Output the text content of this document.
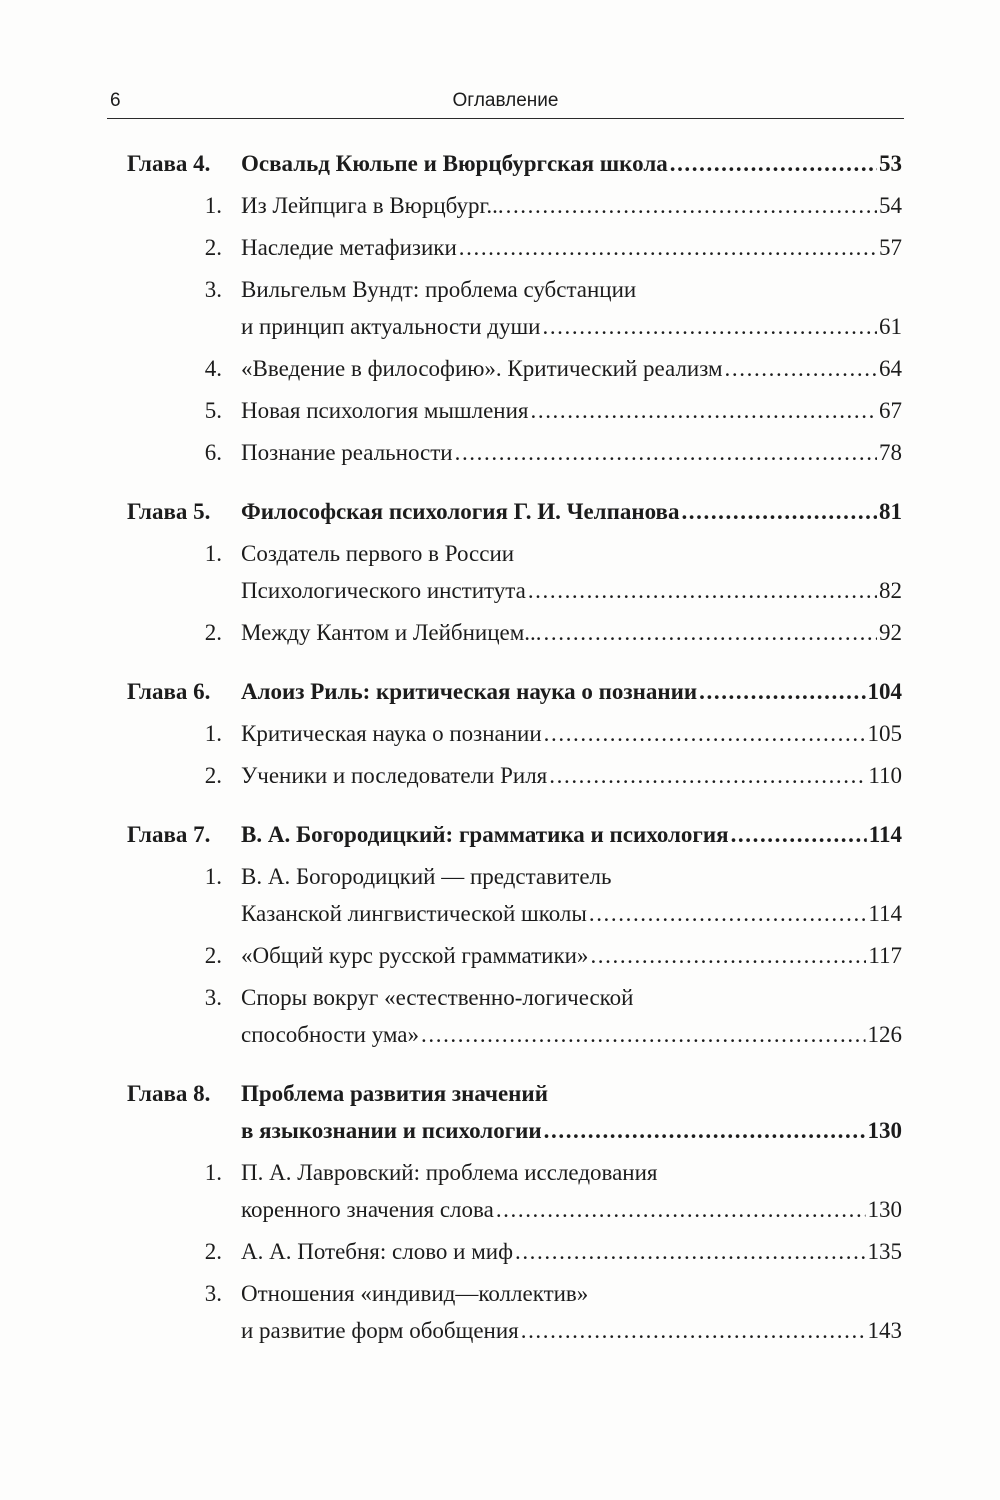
6	Оглавление
Глава 4. Освальд Кюльпе и Вюрцбургская школа .....	53
1. Из Лейпцига в Вюрцбург... .....	54
2. Наследие метафизики .....	57
3. Вильгельм Вундт: проблема субстанции
и принцип актуальности души .....	61
4. «Введение в философию». Критический реализм .....	64
5. Новая психология мышления .....	67
6. Познание реальности .....	78
Глава 5. Философская психология Г. И. Челпанова .....	81
1. Создатель первого в России
Психологического института .....	82
2. Между Кантом и Лейбницем... .....	92
Глава 6. Алоиз Риль: критическая наука о познании .....	104
1. Критическая наука о познании .....	105
2. Ученики и последователи Риля .....	110
Глава 7. В. А. Богородицкий: грамматика и психология .....	114
1. В. А. Богородицкий — представитель
Казанской лингвистической школы .....	114
2. «Общий курс русской грамматики» .....	117
3. Споры вокруг «естественно-логической
способности ума» .....	126
Глава 8. Проблема развития значений
в языкознании и психологии .....	130
1. П. А. Лавровский: проблема исследования
коренного значения слова .....	130
2. А. А. Потебня: слово и миф .....	135
3. Отношения «индивид—коллектив»
и развитие форм обобщения .....	143
